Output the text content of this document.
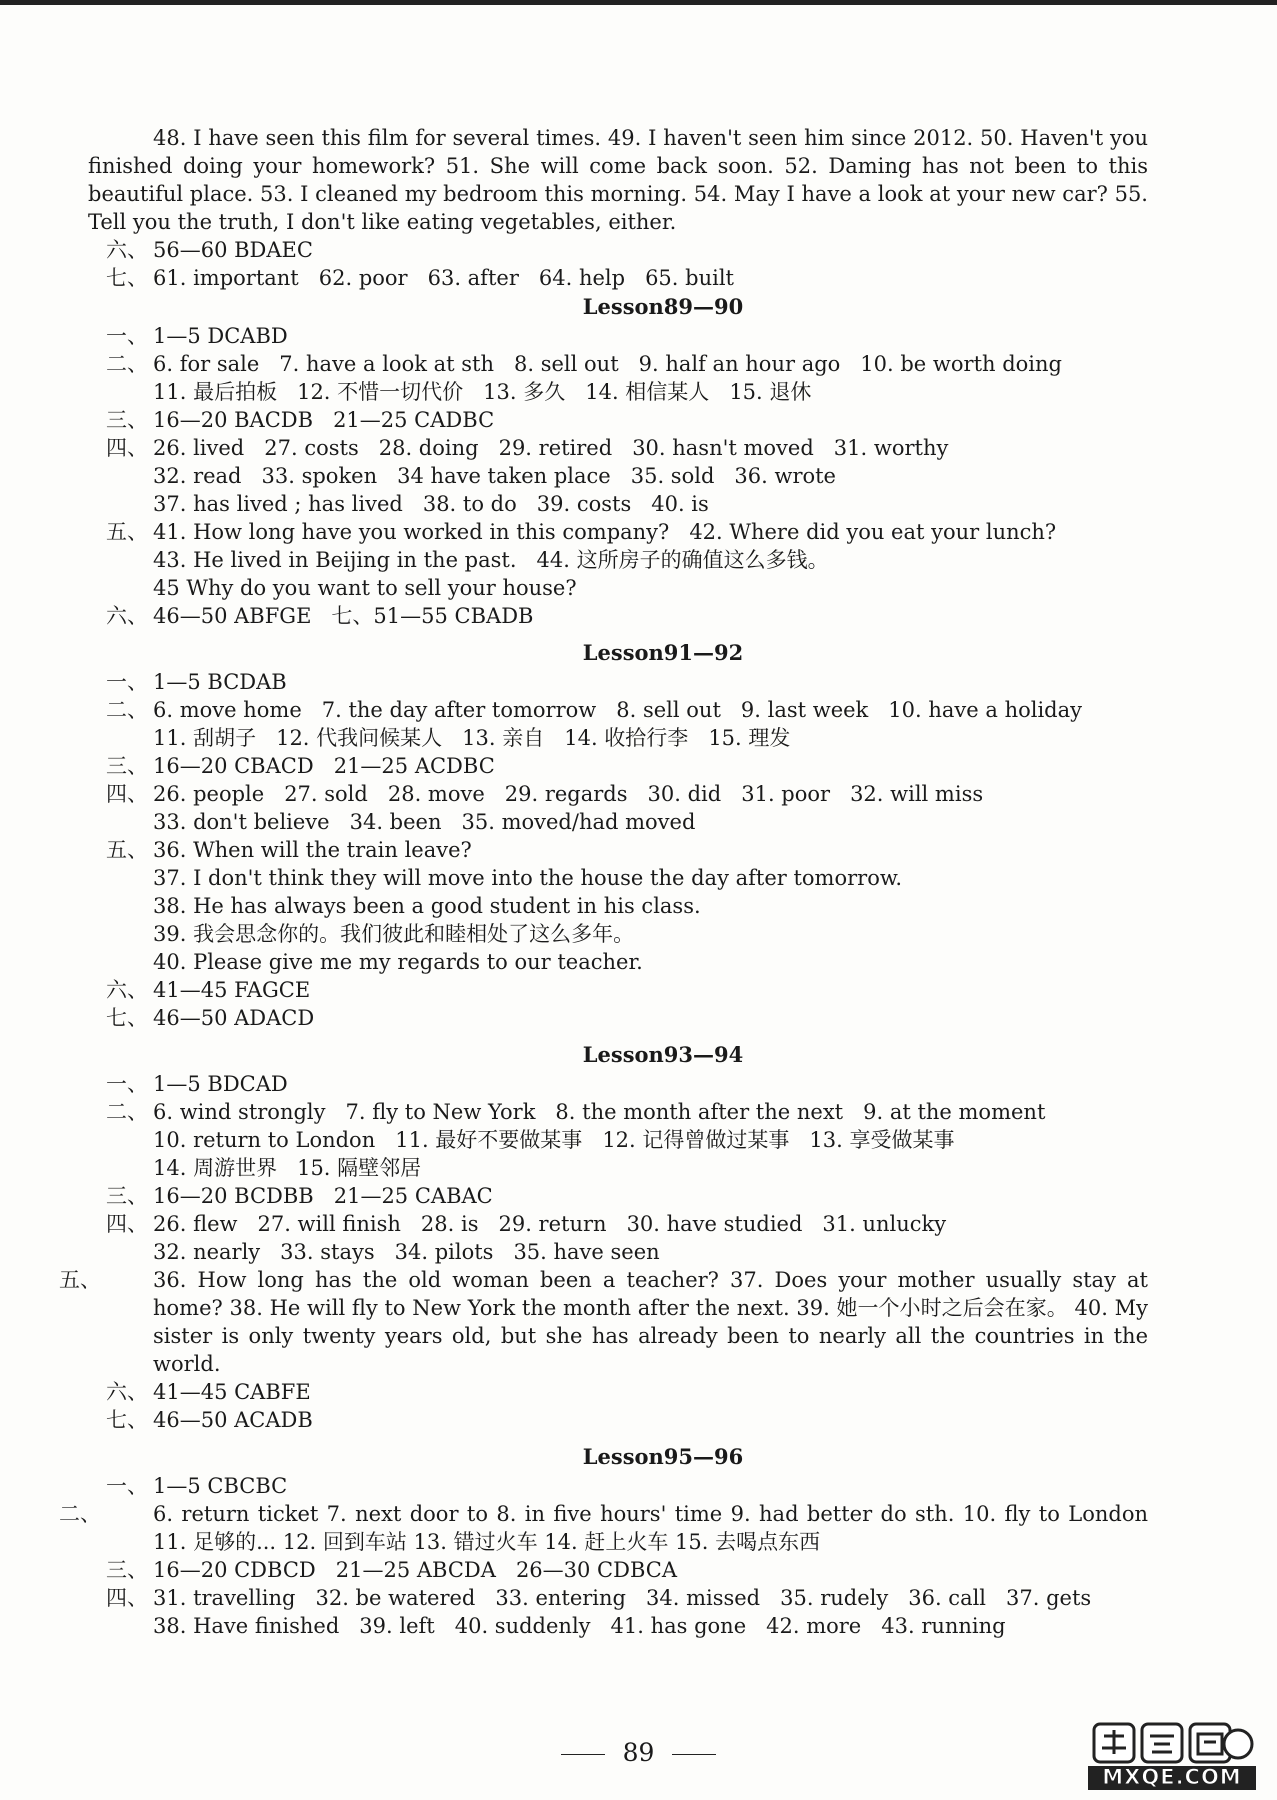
48. I have seen this film for several times. 49. I haven't seen him since 2012. 50. Haven't you finished doing your homework? 51. She will come back soon. 52. Daming has not been to this beautiful place. 53. I cleaned my bedroom this morning. 54. May I have a look at your new car? 55. Tell you the truth, I don't like eating vegetables, either.
六、 56—60 BDAEC
七、 61. important 62. poor 63. after 64. help 65. built
Lesson89—90
一、 1—5 DCABD
二、 6. for sale 7. have a look at sth 8. sell out 9. half an hour ago 10. be worth doing
11. 最后拍板 12. 不惜一切代价 13. 多久 14. 相信某人 15. 退休
三、 16—20 BACDB 21—25 CADBC
四、 26. lived 27. costs 28. doing 29. retired 30. hasn't moved 31. worthy
32. read 33. spoken 34 have taken place 35. sold 36. wrote
37. has lived ; has lived 38. to do 39. costs 40. is
五、 41. How long have you worked in this company? 42. Where did you eat your lunch?
43. He lived in Beijing in the past. 44. 这所房子的确值这么多钱。
45 Why do you want to sell your house?
六、 46—50 ABFGE 七、51—55 CBADB
Lesson91—92
一、 1—5 BCDAB
二、 6. move home 7. the day after tomorrow 8. sell out 9. last week 10. have a holiday
11. 刮胡子 12. 代我问候某人 13. 亲自 14. 收拾行李 15. 理发
三、 16—20 CBACD 21—25 ACDBC
四、 26. people 27. sold 28. move 29. regards 30. did 31. poor 32. will miss
33. don't believe 34. been 35. moved/had moved
五、 36. When will the train leave?
37. I don't think they will move into the house the day after tomorrow.
38. He has always been a good student in his class.
39. 我会思念你的。我们彼此和睦相处了这么多年。
40. Please give me my regards to our teacher.
六、 41—45 FAGCE
七、 46—50 ADACD
Lesson93—94
一、 1—5 BDCAD
二、 6. wind strongly 7. fly to New York 8. the month after the next 9. at the moment
10. return to London 11. 最好不要做某事 12. 记得曾做过某事 13. 享受做某事
14. 周游世界 15. 隔壁邻居
三、 16—20 BCDBB 21—25 CABAC
四、 26. flew 27. will finish 28. is 29. return 30. have studied 31. unlucky
32. nearly 33. stays 34. pilots 35. have seen
五、 36. How long has the old woman been a teacher? 37. Does your mother usually stay at home? 38. He will fly to New York the month after the next. 39. 她一个小时之后会在家。 40. My sister is only twenty years old, but she has already been to nearly all the countries in the world.
六、 41—45 CABFE
七、 46—50 ACADB
Lesson95—96
一、 1—5 CBCBC
二、 6. return ticket 7. next door to 8. in five hours' time 9. had better do sth. 10. fly to London 11. 足够的... 12. 回到车站 13. 错过火车 14. 赶上火车 15. 去喝点东西
三、 16—20 CDBCD 21—25 ABCDA 26—30 CDBCA
四、 31. travelling 32. be watered 33. entering 34. missed 35. rudely 36. call 37. gets
38. Have finished 39. left 40. suddenly 41. has gone 42. more 43. running
89
MXQE.COM
